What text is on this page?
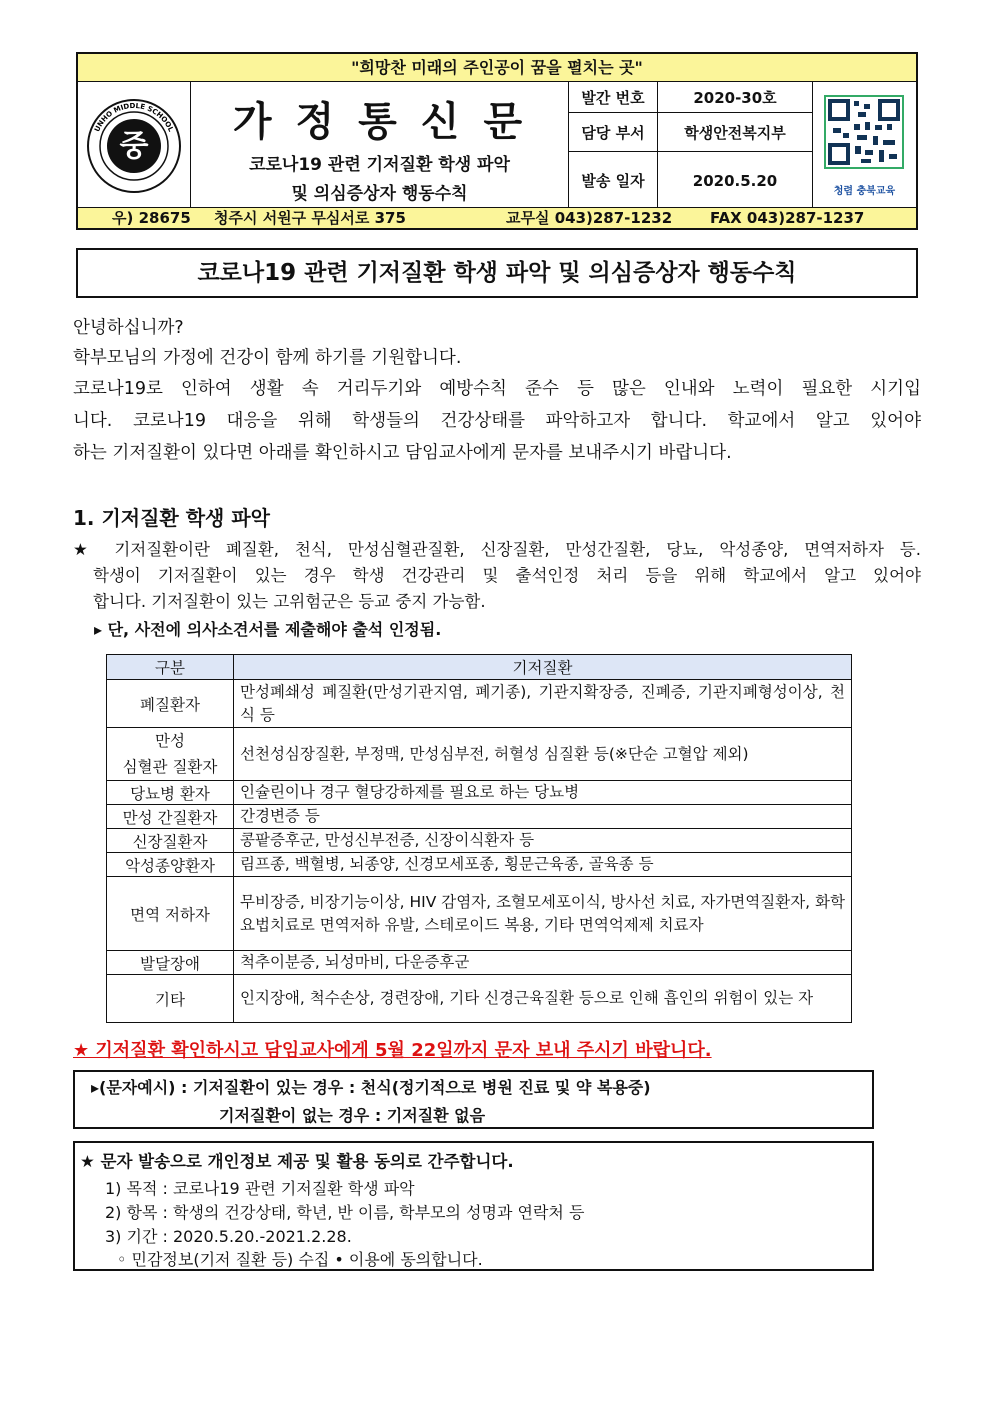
"희망찬 미래의 주인공이 꿈을 펼치는 곳"
UNHO MIDDLE SCHOOL
중
가정통신문
코로나19 관련 기저질환 학생 파악
및 의심증상자 행동수칙
발간 번호	2020-30호
담당 부서	학생안전복지부
발송 일자	2020.5.20
청렴 충북교육
우) 28675 청주시 서원구 무심서로 375	교무실 043)287-1232	FAX 043)287-1237
코로나19 관련 기저질환 학생 파악 및 의심증상자 행동수칙
안녕하십니까?
학부모님의 가정에 건강이 함께 하기를 기원합니다.
코로나19로 인하여 생활 속 거리두기와 예방수칙 준수 등 많은 인내와 노력이 필요한 시기입
니다. 코로나19 대응을 위해 학생들의 건강상태를 파악하고자 합니다. 학교에서 알고 있어야
하는 기저질환이 있다면 아래를 확인하시고 담임교사에게 문자를 보내주시기 바랍니다.
1. 기저질환 학생 파악
★ 기저질환이란 폐질환, 천식, 만성심혈관질환, 신장질환, 만성간질환, 당뇨, 악성종양, 면역저하자 등.
학생이 기저질환이 있는 경우 학생 건강관리 및 출석인정 처리 등을 위해 학교에서 알고 있어야
합니다. 기저질환이 있는 고위험군은 등교 중지 가능함.
▸ 단, 사전에 의사소견서를 제출해야 출석 인정됨.
구분	기저질환
폐질환자	만성폐쇄성 폐질환(만성기관지염, 폐기종), 기관지확장증, 진폐증, 기관지폐형성이상, 천식 등
만성
심혈관 질환자	선천성심장질환, 부정맥, 만성심부전, 허혈성 심질환 등(※단순 고혈압 제외)
당뇨병 환자	인슐린이나 경구 혈당강하제를 필요로 하는 당뇨병
만성 간질환자	간경변증 등
신장질환자	콩팥증후군, 만성신부전증, 신장이식환자 등
악성종양환자	림프종, 백혈병, 뇌종양, 신경모세포종, 횡문근육종, 골육종 등
면역 저하자	무비장증, 비장기능이상, HIV 감염자, 조혈모세포이식, 방사선 치료, 자가면역질환자, 화학요법치료로 면역저하 유발, 스테로이드 복용, 기타 면역억제제 치료자
발달장애	척추이분증, 뇌성마비, 다운증후군
기타	인지장애, 척수손상, 경련장애, 기타 신경근육질환 등으로 인해 흡인의 위험이 있는 자
★ 기저질환 확인하시고 담임교사에게 5월 22일까지 문자 보내 주시기 바랍니다.
▸(문자예시) : 기저질환이 있는 경우 : 천식(정기적으로 병원 진료 및 약 복용중)
기저질환이 없는 경우 : 기저질환 없음
★ 문자 발송으로 개인정보 제공 및 활용 동의로 간주합니다.
1) 목적 : 코로나19 관련 기저질환 학생 파악
2) 항목 : 학생의 건강상태, 학년, 반 이름, 학부모의 성명과 연락처 등
3) 기간 : 2020.5.20.-2021.2.28.
◦ 민감정보(기저 질환 등) 수집 • 이용에 동의합니다.
